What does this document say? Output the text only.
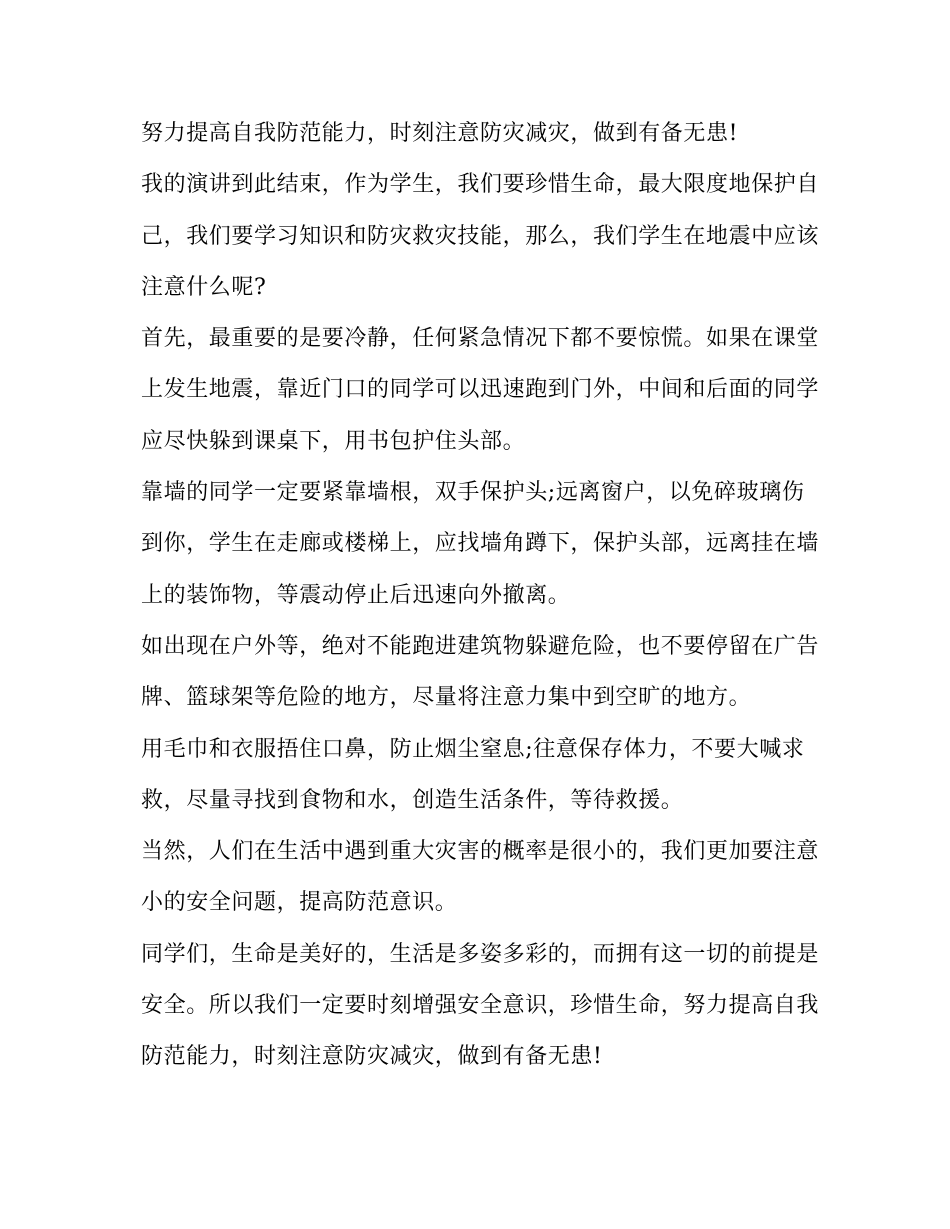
努力提高自我防范能力，时刻注意防灾减灾，做到有备无患!

我的演讲到此结束，作为学生，我们要珍惜生命，最大限度地保护自己，我们要学习知识和防灾救灾技能，那么，我们学生在地震中应该注意什么呢?

首先，最重要的是要冷静，任何紧急情况下都不要惊慌。如果在课堂上发生地震，靠近门口的同学可以迅速跑到门外，中间和后面的同学应尽快躲到课桌下，用书包护住头部。

靠墙的同学一定要紧靠墙根，双手保护头;远离窗户，以免碎玻璃伤到你，学生在走廊或楼梯上，应找墙角蹲下，保护头部，远离挂在墙上的装饰物，等震动停止后迅速向外撤离。

如出现在户外等，绝对不能跑进建筑物躲避危险，也不要停留在广告牌、篮球架等危险的地方，尽量将注意力集中到空旷的地方。

用毛巾和衣服捂住口鼻，防止烟尘窒息;往意保存体力，不要大喊求救，尽量寻找到食物和水，创造生活条件，等待救援。

当然，人们在生活中遇到重大灾害的概率是很小的，我们更加要注意小的安全问题，提高防范意识。

同学们，生命是美好的，生活是多姿多彩的，而拥有这一切的前提是安全。所以我们一定要时刻增强安全意识，珍惜生命，努力提高自我防范能力，时刻注意防灾减灾，做到有备无患!
